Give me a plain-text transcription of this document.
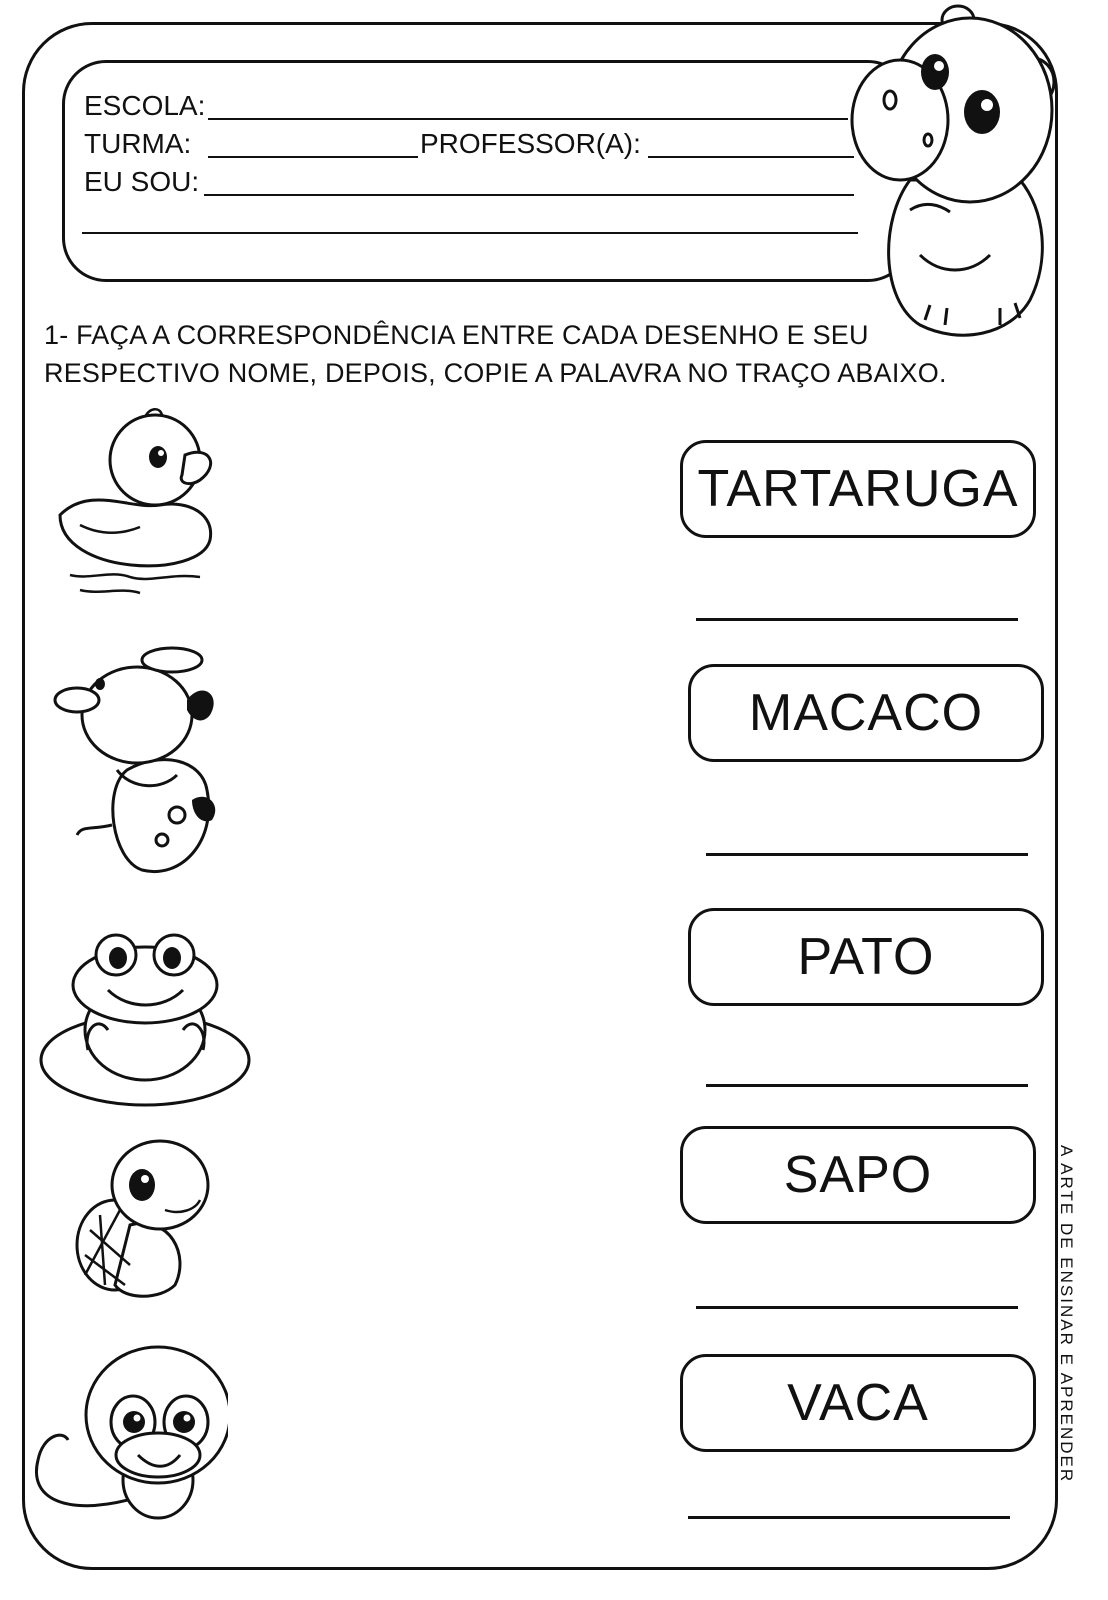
ESCOLA:
TURMA:	PROFESSOR(A):
EU SOU:
1- FAÇA A CORRESPONDÊNCIA ENTRE CADA DESENHO E SEU
RESPECTIVO NOME, DEPOIS, COPIE A PALAVRA NO TRAÇO ABAIXO.
TARTARUGA
MACACO
PATO
SAPO
VACA	A ARTE DE ENSINAR E APRENDER
